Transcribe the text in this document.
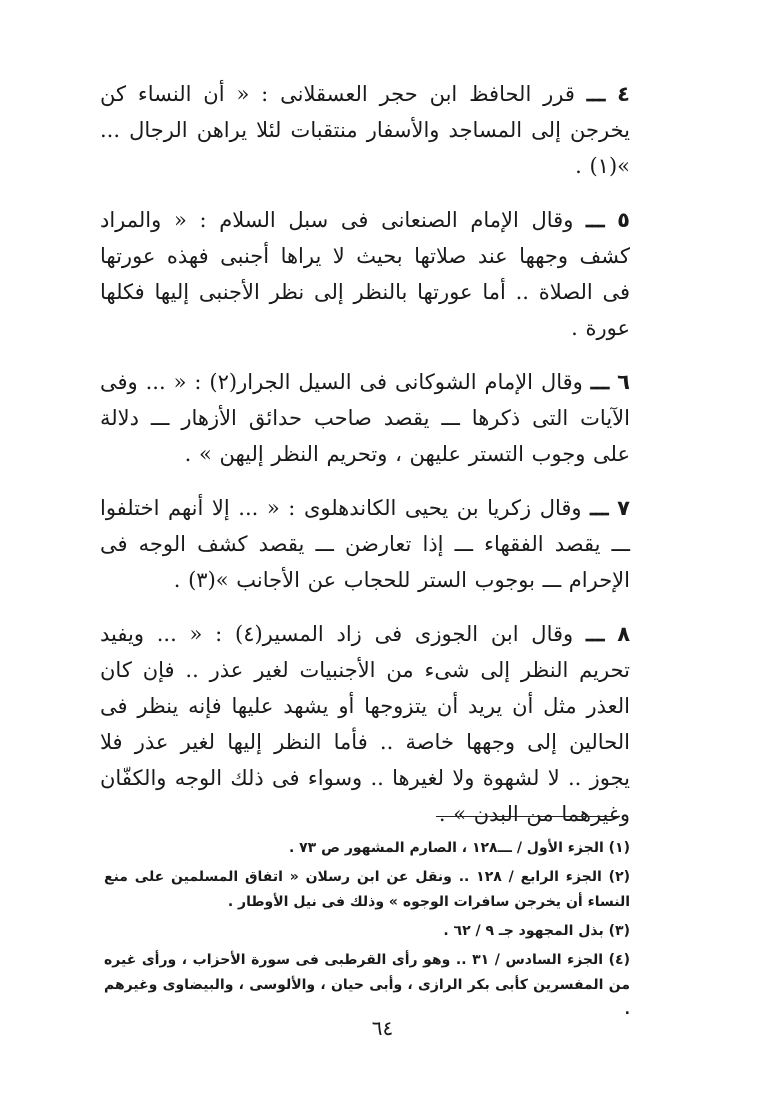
٤ ـــ قرر الحافظ ابن حجر العسقلانى : « أن النساء كن يخرجن إلى المساجد والأسفار منتقبات لئلا يراهن الرجال ... »(١) .

٥ ـــ وقال الإمام الصنعانى فى سبل السلام : « والمراد كشف وجهها عند صلاتها بحيث لا يراها أجنبى فهذه عورتها فى الصلاة .. أما عورتها بالنظر إلى نظر الأجنبى إليها فكلها عورة .

٦ ـــ وقال الإمام الشوكانى فى السيل الجرار(٢) : « ... وفى الآيات التى ذكرها ـــ يقصد صاحب حدائق الأزهار ـــ دلالة على وجوب التستر عليهن ، وتحريم النظر إليهن » .

٧ ـــ وقال زكريا بن يحيى الكاندهلوى : « ... إلا أنهم اختلفوا ـــ يقصد الفقهاء ـــ إذا تعارضن ـــ يقصد كشف الوجه فى الإحرام ـــ بوجوب الستر للحجاب عن الأجانب »(٣) .

٨ ـــ وقال ابن الجوزى فى زاد المسير(٤) : « ... ويفيد تحريم النظر إلى شىء من الأجنبيات لغير عذر .. فإن كان العذر مثل أن يريد أن يتزوجها أو يشهد عليها فإنه ينظر فى الحالين إلى وجهها خاصة .. فأما النظر إليها لغير عذر فلا يجوز .. لا لشهوة ولا لغيرها .. وسواء فى ذلك الوجه والكفّان وغيرهما من البدن » .

(١) الجزء الأول / ـــ١٢٨ ، الصارم المشهور ص ٧٣ .

(٢) الجزء الرابع / ١٢٨ .. ونقل عن ابن رسلان « اتفاق المسلمين على منع النساء أن يخرجن سافرات الوجوه » وذلك فى نيل الأوطار .

(٣) بذل المجهود جـ ٩ / ٦٢ .

(٤) الجزء السادس / ٣١ .. وهو رأى القرطبى فى سورة الأحزاب ، ورأى غيره من المفسرين كأبى بكر الرازى ، وأبى حيان ، والألوسى ، والبيضاوى وغيرهم .

٦٤
